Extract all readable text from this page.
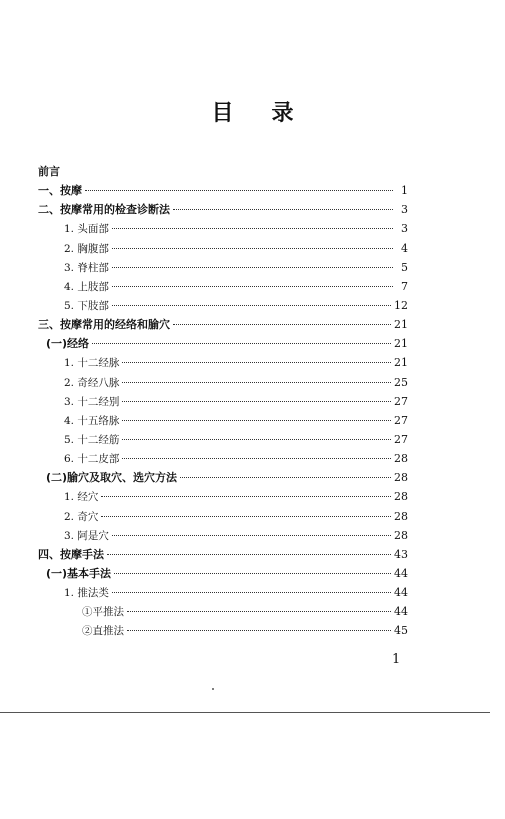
目 录
前言
一、按摩	1
二、按摩常用的检查诊断法	3
1. 头面部	3
2. 胸腹部	4
3. 脊柱部	5
4. 上肢部	7
5. 下肢部	12
三、按摩常用的经络和腧穴	21
(一)经络	21
1. 十二经脉	21
2. 奇经八脉	25
3. 十二经别	27
4. 十五络脉	27
5. 十二经筋	27
6. 十二皮部	28
(二)腧穴及取穴、选穴方法	28
1. 经穴	28
2. 奇穴	28
3. 阿是穴	28
四、按摩手法	43
(一)基本手法	44
1. 推法类	44
①平推法	44
②直推法	45
1
